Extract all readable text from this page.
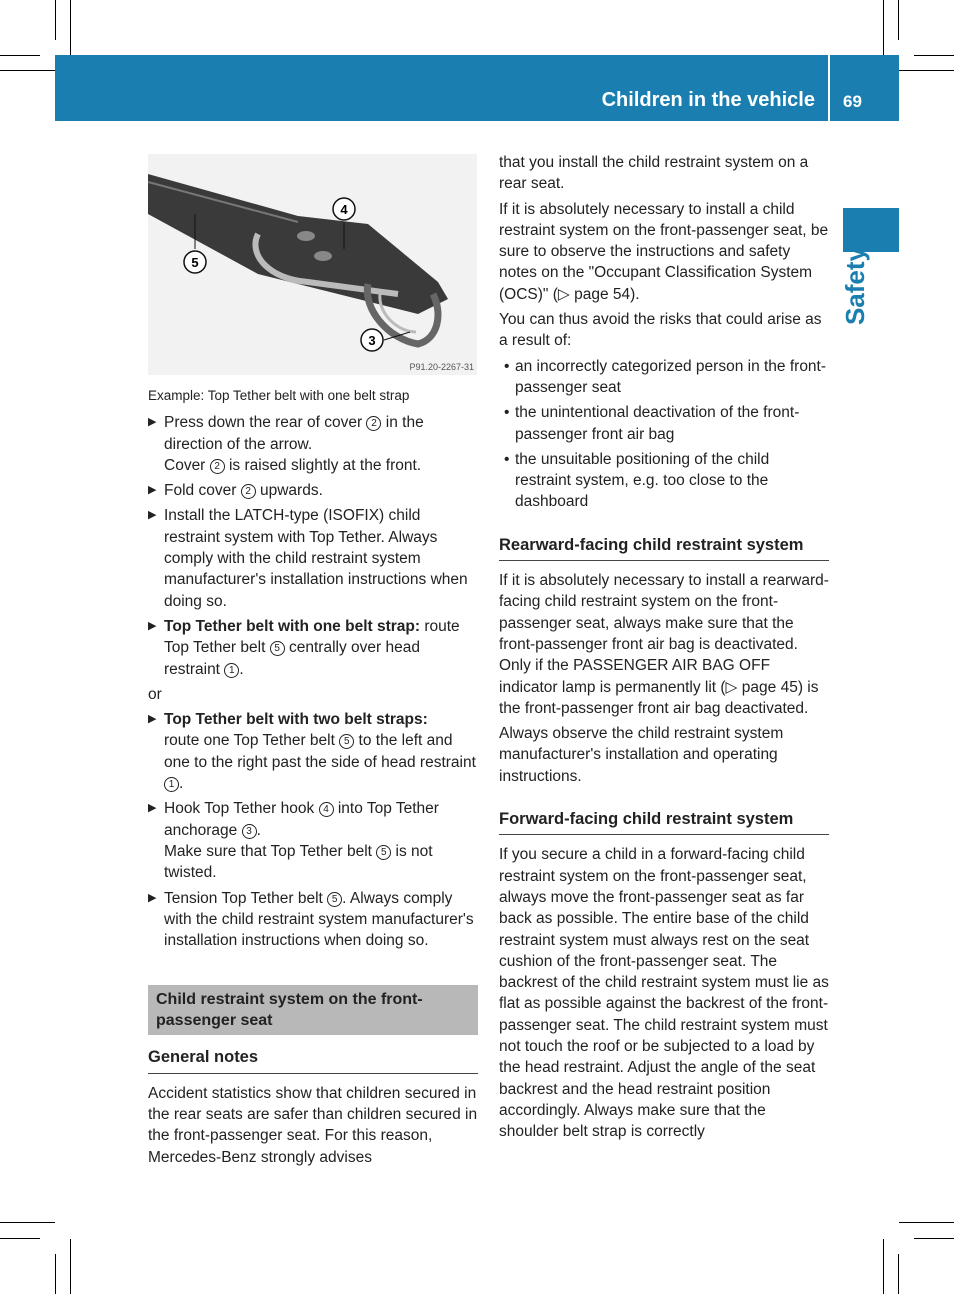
Children in the vehicle 69
Safety
4
5
3
P91.20-2267-31
Example: Top Tether belt with one belt strap
▶ Press down the rear of cover 2 in the direction of the arrow.
Cover 2 is raised slightly at the front.
▶ Fold cover 2 upwards.
▶ Install the LATCH-type (ISOFIX) child restraint system with Top Tether. Always comply with the child restraint system manufacturer's installation instructions when doing so.
▶ Top Tether belt with one belt strap: route Top Tether belt 5 centrally over head restraint 1 .
or
▶ Top Tether belt with two belt straps:
route one Top Tether belt 5 to the left and one to the right past the side of head restraint 1 .
▶ Hook Top Tether hook 4 into Top Tether anchorage 3 .
Make sure that Top Tether belt 5 is not twisted.
▶ Tension Top Tether belt 5 . Always comply with the child restraint system manufacturer's installation instructions when doing so.
Child restraint system on the front-passenger seat
General notes
Accident statistics show that children secured in the rear seats are safer than children secured in the front-passenger seat. For this reason, Mercedes-Benz strongly advises
that you install the child restraint system on a rear seat.
If it is absolutely necessary to install a child restraint system on the front-passenger seat, be sure to observe the instructions and safety notes on the "Occupant Classification System (OCS)" (▷ page 54).
You can thus avoid the risks that could arise as a result of:
• an incorrectly categorized person in the front-passenger seat
• the unintentional deactivation of the front-passenger front air bag
• the unsuitable positioning of the child restraint system, e.g. too close to the dashboard
Rearward-facing child restraint system
If it is absolutely necessary to install a rearward-facing child restraint system on the front-passenger seat, always make sure that the front-passenger front air bag is deactivated. Only if the PASSENGER AIR BAG OFF indicator lamp is permanently lit (▷ page 45) is the front-passenger front air bag deactivated.
Always observe the child restraint system manufacturer's installation and operating instructions.
Forward-facing child restraint system
If you secure a child in a forward-facing child restraint system on the front-passenger seat, always move the front-passenger seat as far back as possible. The entire base of the child restraint system must always rest on the seat cushion of the front-passenger seat. The backrest of the child restraint system must lie as flat as possible against the backrest of the front-passenger seat. The child restraint system must not touch the roof or be subjected to a load by the head restraint. Adjust the angle of the seat backrest and the head restraint position accordingly. Always make sure that the shoulder belt strap is correctly
